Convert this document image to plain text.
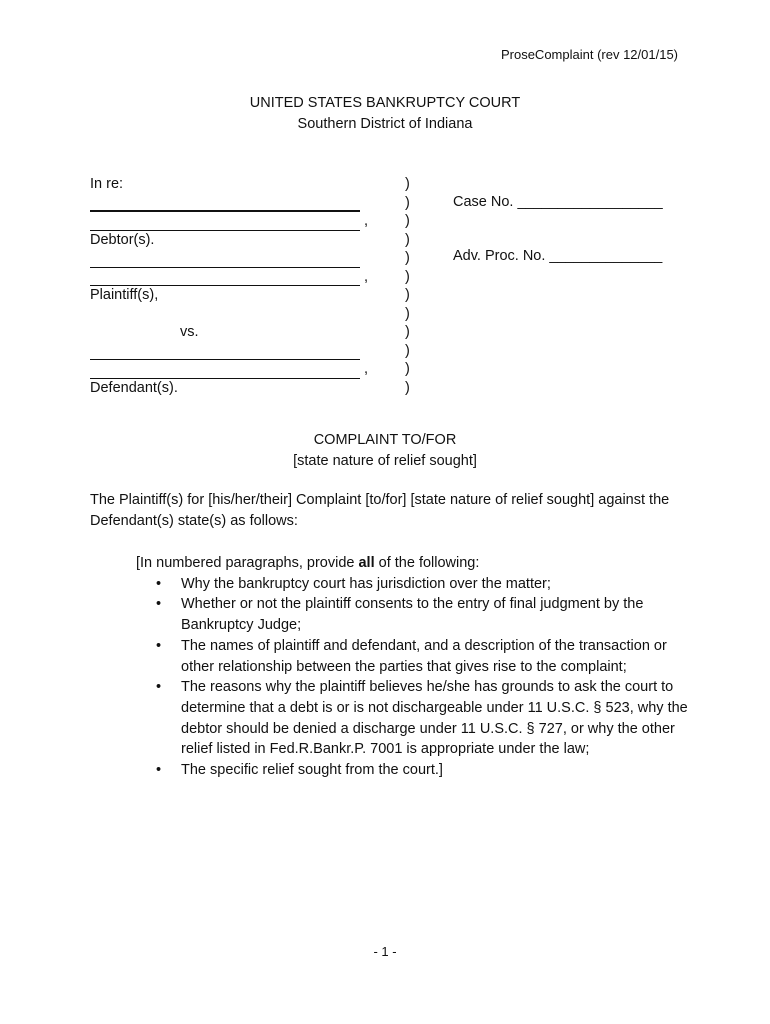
ProseComplaint (rev 12/01/15)
UNITED STATES BANKRUPTCY COURT
Southern District of Indiana
In re:
,
Debtor(s).
,
Plaintiff(s),

vs.
,
Defendant(s).
)
)
)
)
)
)
)
)
)
)
)
)
Case No. __________________
Adv. Proc. No. ______________
COMPLAINT TO/FOR
[state nature of relief sought]
The Plaintiff(s) for [his/her/their] Complaint [to/for] [state nature of relief sought] against the Defendant(s) state(s) as follows:
[In numbered paragraphs, provide all of the following:
• Why the bankruptcy court has jurisdiction over the matter;
• Whether or not the plaintiff consents to the entry of final judgment by the Bankruptcy Judge;
• The names of plaintiff and defendant, and a description of the transaction or other relationship between the parties that gives rise to the complaint;
• The reasons why the plaintiff believes he/she has grounds to ask the court to determine that a debt is or is not dischargeable under 11 U.S.C. § 523, why the debtor should be denied a discharge under 11 U.S.C. § 727, or why the other relief listed in Fed.R.Bankr.P. 7001 is appropriate under the law;
• The specific relief sought from the court.]
- 1 -
